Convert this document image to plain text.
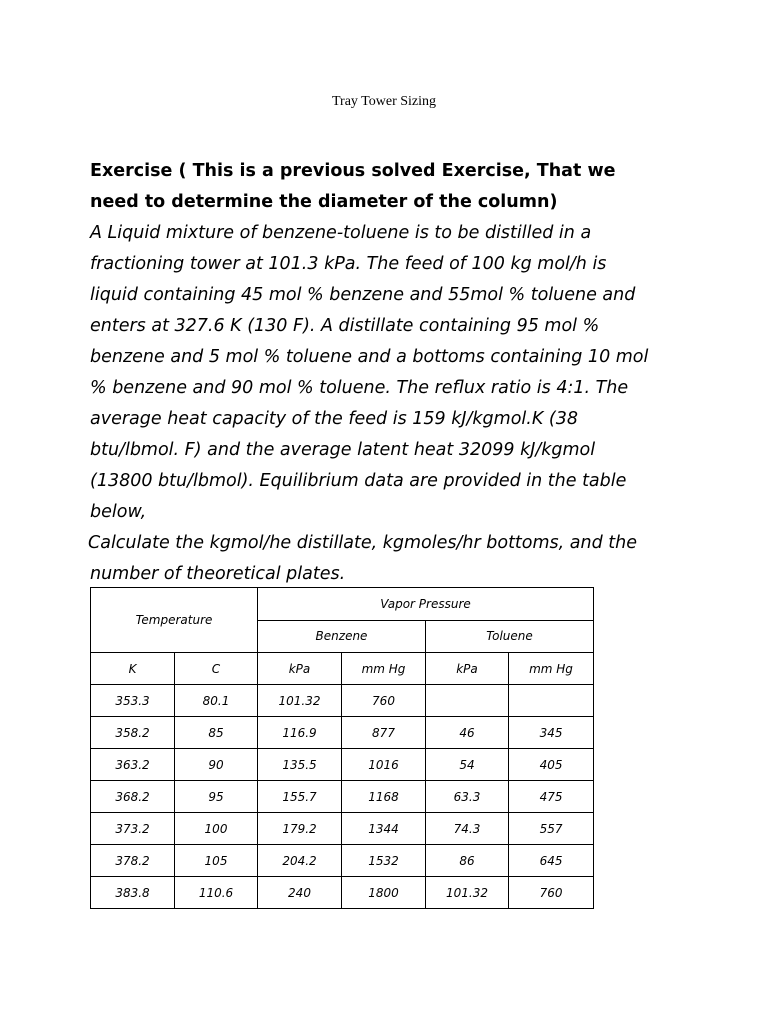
Tray Tower Sizing
Exercise ( This is a previous solved Exercise, That we
need to determine the diameter of the column)
A Liquid mixture of benzene-toluene is to be distilled in a
fractioning tower at 101.3 kPa. The feed of 100 kg mol/h is
liquid containing 45 mol % benzene and 55mol % toluene and
enters at 327.6 K (130 F). A distillate containing 95 mol %
benzene and 5 mol % toluene and a bottoms containing 10 mol
% benzene and 90 mol % toluene. The reflux ratio is 4:1. The
average heat capacity of the feed is 159 kJ/kgmol.K (38
btu/lbmol. F) and the average latent heat 32099 kJ/kgmol
(13800 btu/lbmol). Equilibrium data are provided in the table
below,
Calculate the kgmol/he distillate, kgmoles/hr bottoms, and the
number of theoretical plates.
Temperature		Vapor Pressure			
		Benzene		Toluene	
K	C	kPa	mm Hg	kPa	mm Hg
353.3	80.1	101.32	760		
358.2	85	116.9	877	46	345
363.2	90	135.5	1016	54	405
368.2	95	155.7	1168	63.3	475
373.2	100	179.2	1344	74.3	557
378.2	105	204.2	1532	86	645
383.8	110.6	240	1800	101.32	760
